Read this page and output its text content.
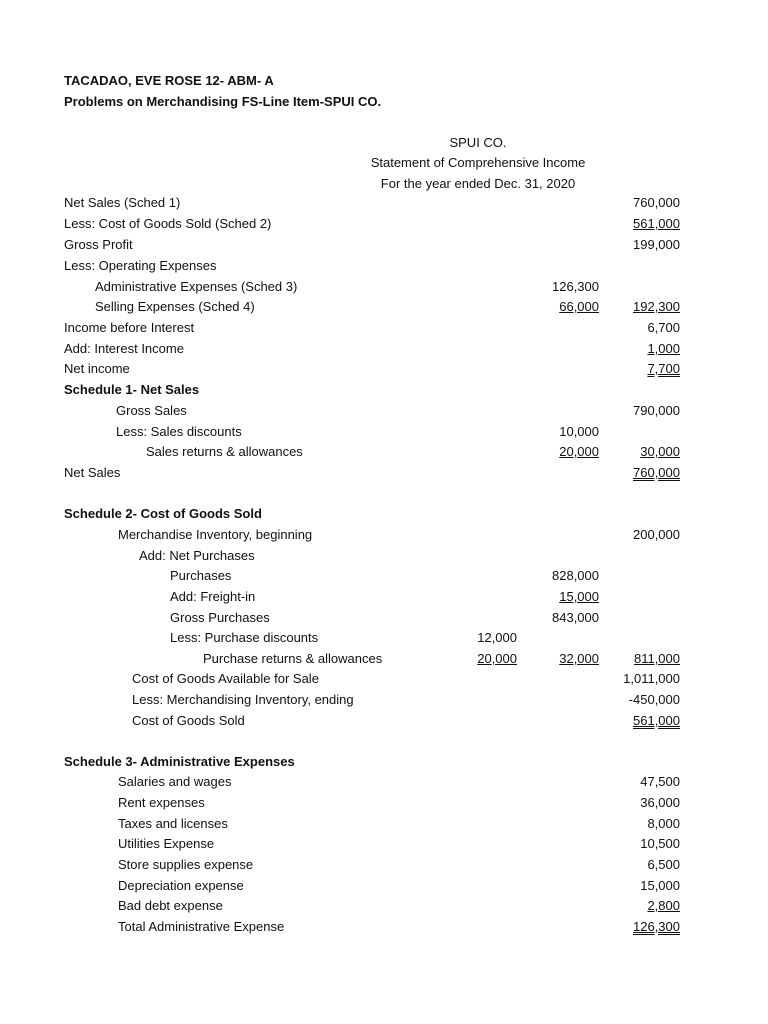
TACADAO, EVE ROSE 12- ABM- A
Problems on Merchandising FS-Line Item-SPUI CO.
SPUI CO.
Statement of Comprehensive Income
For the year ended Dec. 31, 2020
Net Sales (Sched 1)	760,000
Less: Cost of Goods Sold (Sched 2)	561,000
Gross Profit	199,000
Less: Operating Expenses
Administrative Expenses (Sched 3)	126,300
Selling Expenses (Sched 4)	66,000	192,300
Income before Interest	6,700
Add: Interest Income	1,000
Net income	7,700
Schedule 1- Net Sales
Gross Sales	790,000
Less: Sales discounts	10,000
Sales returns & allowances	20,000	30,000
Net Sales	760,000
Schedule 2- Cost of Goods Sold
Merchandise Inventory, beginning	200,000
Add: Net Purchases
Purchases	828,000
Add: Freight-in	15,000
Gross Purchases	843,000
Less: Purchase discounts	12,000
Purchase returns & allowances	20,000	32,000	811,000
Cost of Goods Available for Sale	1,011,000
Less: Merchandising Inventory, ending	-450,000
Cost of Goods Sold	561,000
Schedule 3- Administrative Expenses
Salaries and wages	47,500
Rent expenses	36,000
Taxes and licenses	8,000
Utilities Expense	10,500
Store supplies expense	6,500
Depreciation expense	15,000
Bad debt expense	2,800
Total Administrative Expense	126,300
